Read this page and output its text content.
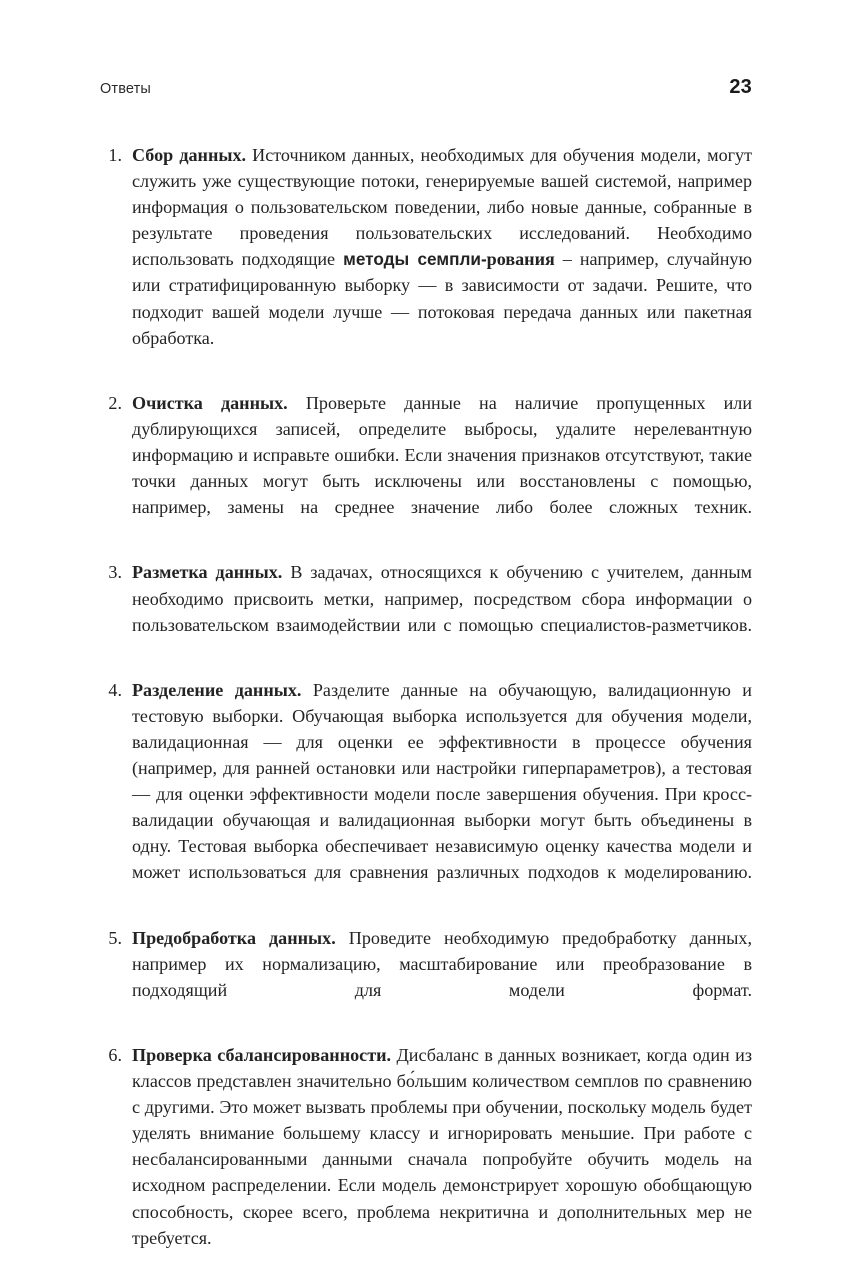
Ответы	23
1. Сбор данных. Источником данных, необходимых для обучения модели, могут служить уже существующие потоки, генерируемые вашей системой, например информация о пользовательском поведении, либо новые данные, собранные в результате проведения пользовательских исследований. Необходимо использовать подходящие методы семпли-рования – например, случайную или стратифицированную выборку — в зависимости от задачи. Решите, что подходит вашей модели лучше — потоковая передача данных или пакетная обработка.
2. Очистка данных. Проверьте данные на наличие пропущенных или дублирующихся записей, определите выбросы, удалите нерелевантную информацию и исправьте ошибки. Если значения признаков отсутствуют, такие точки данных могут быть исключены или восстановлены с помощью, например, замены на среднее значение либо более сложных техник.
3. Разметка данных. В задачах, относящихся к обучению с учителем, данным необходимо присвоить метки, например, посредством сбора информации о пользовательском взаимодействии или с помощью специалистов-разметчиков.
4. Разделение данных. Разделите данные на обучающую, валидационную и тестовую выборки. Обучающая выборка используется для обучения модели, валидационная — для оценки ее эффективности в процессе обучения (например, для ранней остановки или настройки гиперпараметров), а тестовая — для оценки эффективности модели после завершения обучения. При кросс-валидации обучающая и валидационная выборки могут быть объединены в одну. Тестовая выборка обеспечивает независимую оценку качества модели и может использоваться для сравнения различных подходов к моделированию.
5. Предобработка данных. Проведите необходимую предобработку данных, например их нормализацию, масштабирование или преобразование в подходящий для модели формат.
6. Проверка сбалансированности. Дисбаланс в данных возникает, когда один из классов представлен значительно бо́льшим количеством семплов по сравнению с другими. Это может вызвать проблемы при обучении, поскольку модель будет уделять внимание большему классу и игнорировать меньшие. При работе с несбалансированными данными сначала попробуйте обучить модель на исходном распределении. Если модель демонстрирует хорошую обобщающую способность, скорее всего, проблема некритична и дополнительных мер не требуется.
